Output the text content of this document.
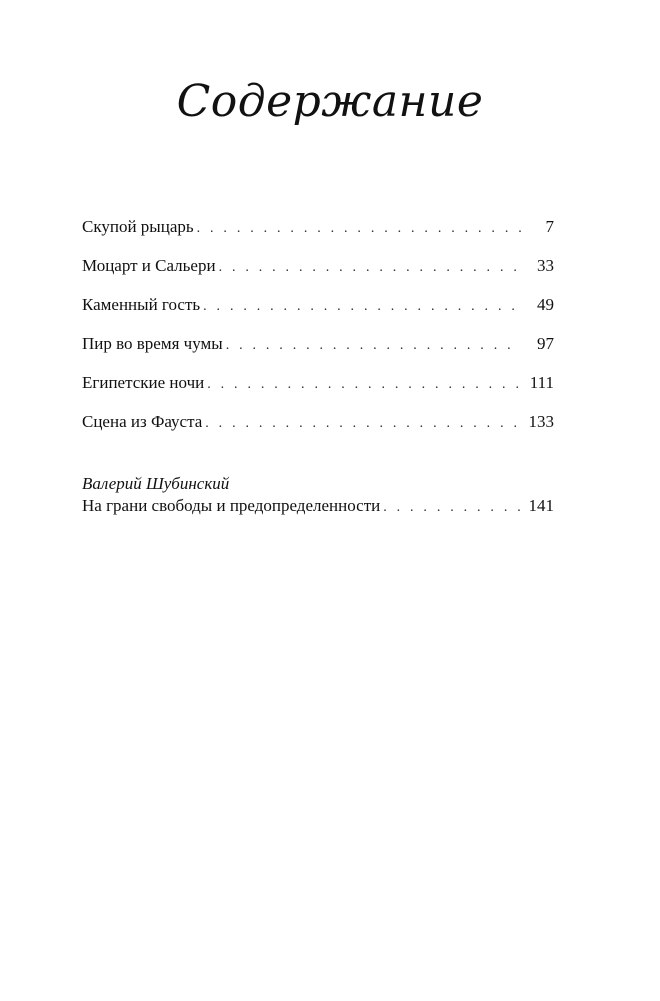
Содержание
Скупой рыцарь . . .	7
Моцарт и Сальери . . .	33
Каменный гость . . .	49
Пир во время чумы . . .	97
Египетские ночи . . .	111
Сцена из Фауста . . .	133
Валерий Шубинский
На грани свободы и предопределенности . . .	141
